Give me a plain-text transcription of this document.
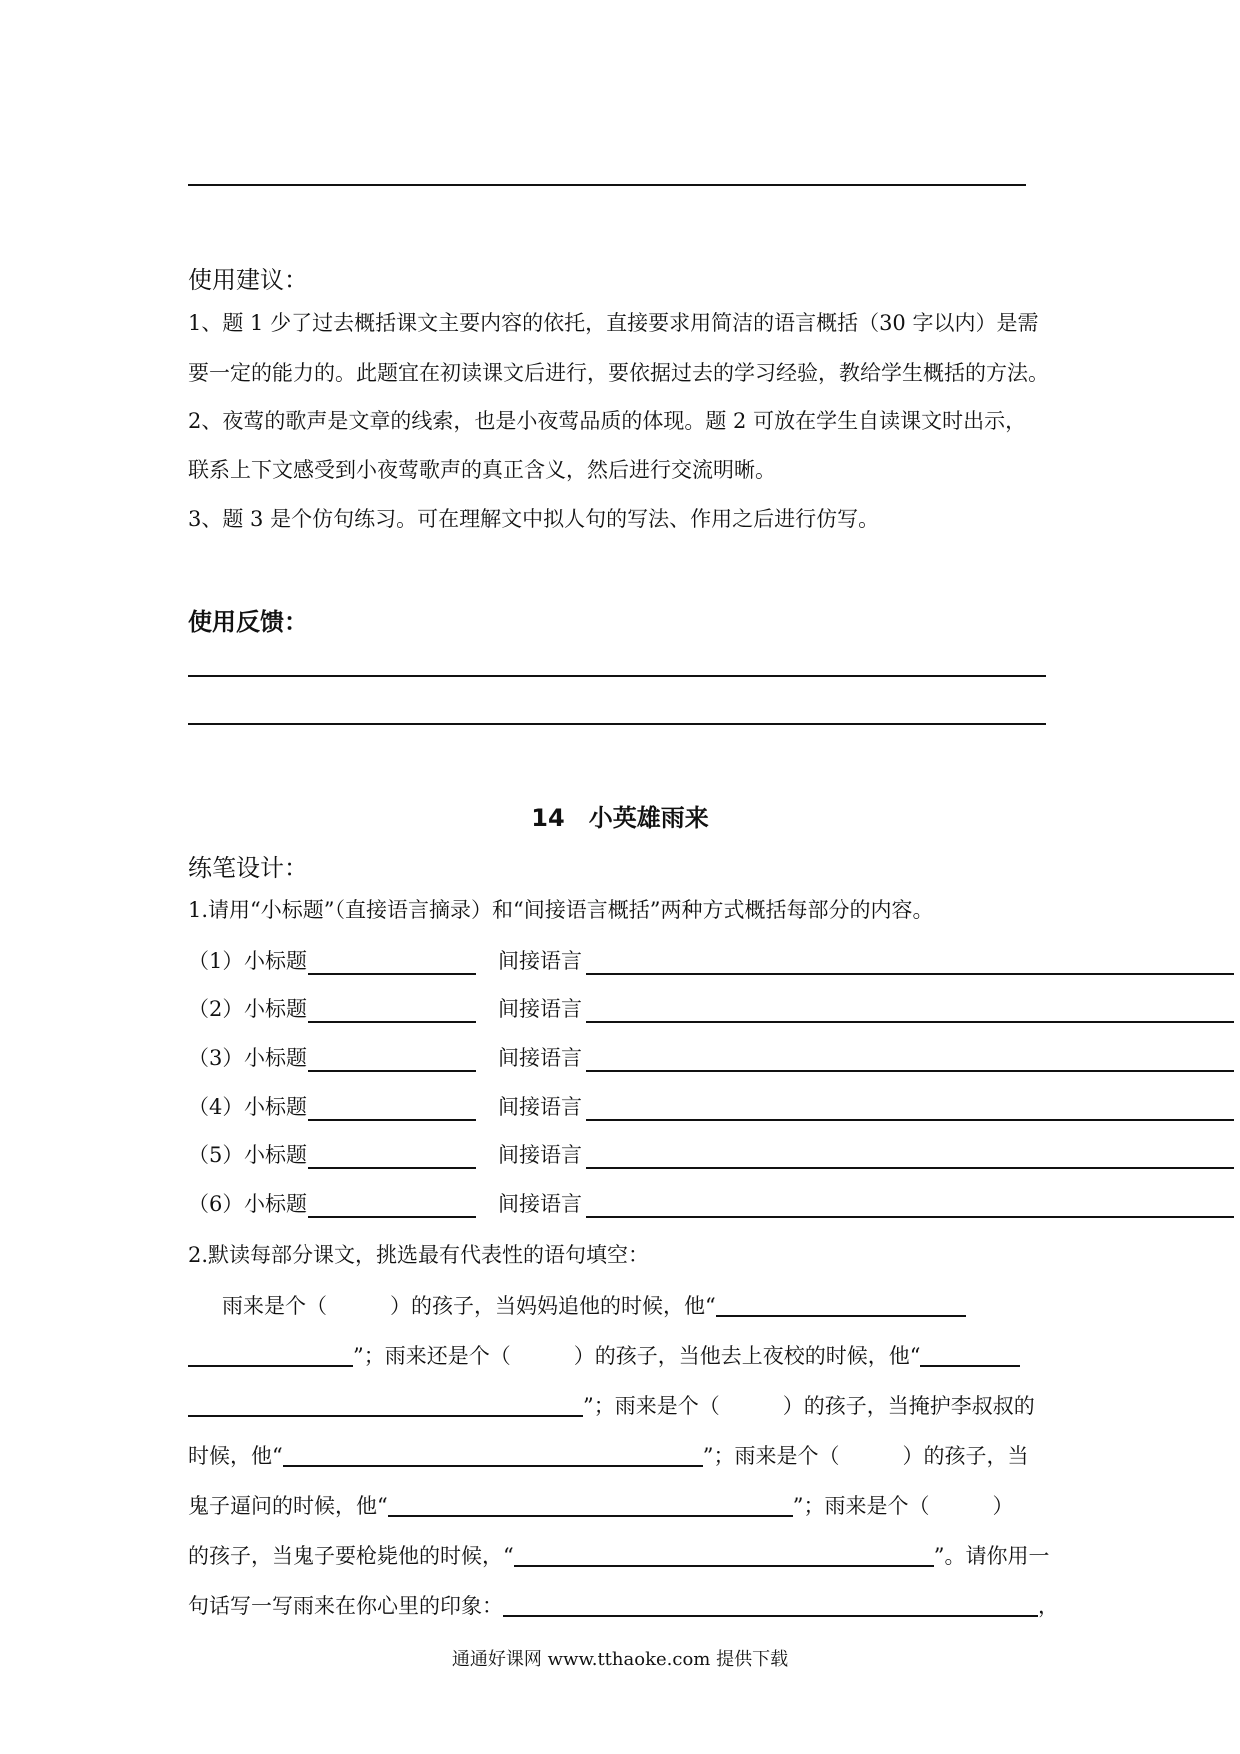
使用建议：
1、题 1 少了过去概括课文主要内容的依托，直接要求用简洁的语言概括（30 字以内）是需
要一定的能力的。此题宜在初读课文后进行，要依据过去的学习经验，教给学生概括的方法。
2、夜莺的歌声是文章的线索，也是小夜莺品质的体现。题 2 可放在学生自读课文时出示，
联系上下文感受到小夜莺歌声的真正含义，然后进行交流明晰。
3、题 3 是个仿句练习。可在理解文中拟人句的写法、作用之后进行仿写。
使用反馈：
14　小英雄雨来
练笔设计：
1.请用“小标题”（直接语言摘录）和“间接语言概括”两种方式概括每部分的内容。
（1） 小标题	间接语言
（2） 小标题	间接语言
（3） 小标题	间接语言
（4） 小标题	间接语言
（5） 小标题	间接语言
（6） 小标题	间接语言
2.默读每部分课文，挑选最有代表性的语句填空：
雨来是个（　　　）的孩子，当妈妈追他的时候，他“
”；雨来还是个（　　　）的孩子，当他去上夜校的时候，他“
”；雨来是个（　　　）的孩子，当掩护李叔叔的
时候，他“	”；雨来是个（　　　）的孩子，当
鬼子逼问的时候，他“	”；雨来是个（　　　）
的孩子，当鬼子要枪毙他的时候，“	”。请你用一
句话写一写雨来在你心里的印象：	，
通通好课网 www.tthaoke.com 提供下载
